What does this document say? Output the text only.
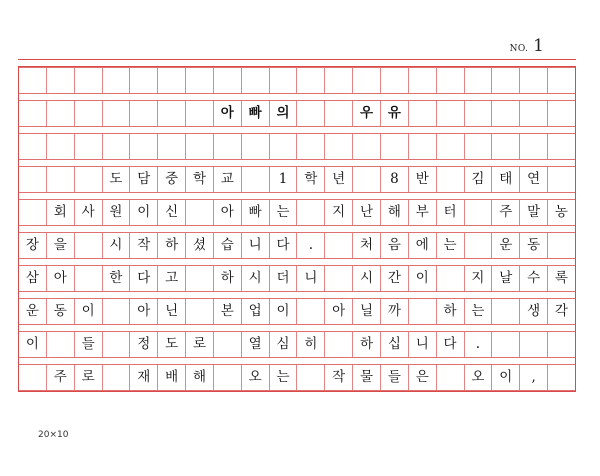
NO. 1
아	빠	의	우	유
도	담	중	학	교	1	학	년	8	반	김	태	연
회	사	원	이	신	아	빠	는	지	난	해	부	터	주	말	농
장	을	시	작	하	셨	습	니	다	.	처	음	에	는	운	동
삼	아	한	다	고	하	시	더	니	시	간	이	지	날	수	록
운	동	이	아	닌	본	업	이	아	닐	까	하	는	생	각
이	들	정	도	로	열	심	히	하	십	니	다	.
주	로	재	배	해	오	는	작	물	들	은	오	이	,
20×10
